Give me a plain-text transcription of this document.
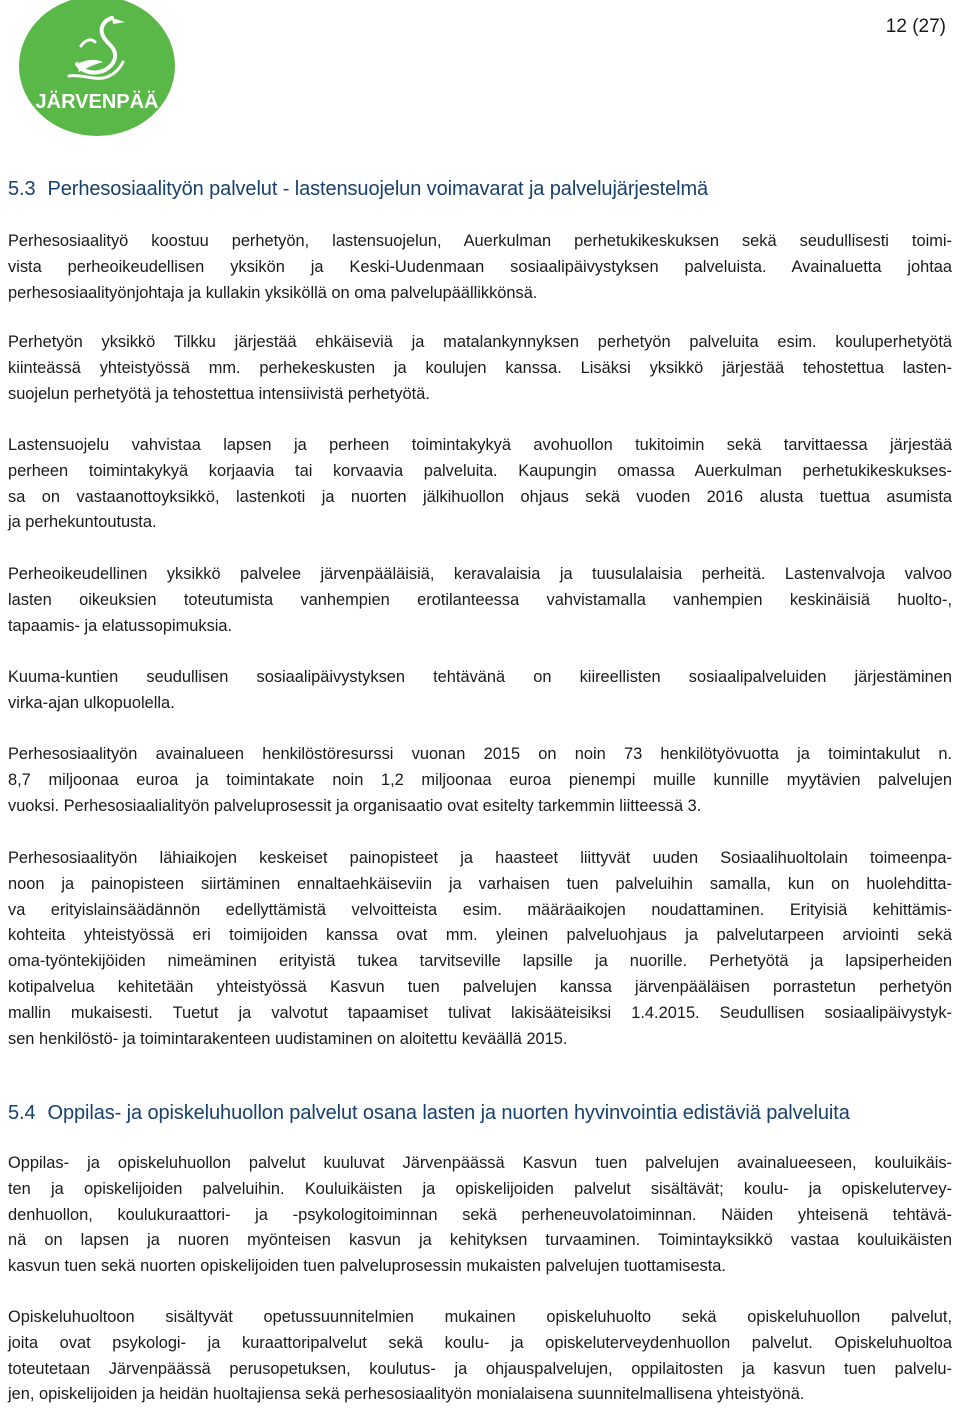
JÄRVENPÄÄ
12 (27)
5.3 Perhesosiaalityön palvelut - lastensuojelun voimavarat ja palvelujärjestelmä
Perhesosiaalityö koostuu perhetyön, lastensuojelun, Auerkulman perhetukikeskuksen sekä seudullisesti toimi-
vista perheoikeudellisen yksikön ja Keski-Uudenmaan sosiaalipäivystyksen palveluista. Avainaluetta johtaa
perhesosiaalityönjohtaja ja kullakin yksiköllä on oma palvelupäällikkönsä.
Perhetyön yksikkö Tilkku järjestää ehkäiseviä ja matalankynnyksen perhetyön palveluita esim. kouluperhetyötä
kiinteässä yhteistyössä mm. perhekeskusten ja koulujen kanssa. Lisäksi yksikkö järjestää tehostettua lasten-
suojelun perhetyötä ja tehostettua intensiivistä perhetyötä.
Lastensuojelu vahvistaa lapsen ja perheen toimintakykyä avohuollon tukitoimin sekä tarvittaessa järjestää
perheen toimintakykyä korjaavia tai korvaavia palveluita. Kaupungin omassa Auerkulman perhetukikeskukses-
sa on vastaanottoyksikkö, lastenkoti ja nuorten jälkihuollon ohjaus sekä vuoden 2016 alusta tuettua asumista
ja perhekuntoutusta.
Perheoikeudellinen yksikkö palvelee järvenpääläisiä, keravalaisia ja tuusulalaisia perheitä. Lastenvalvoja valvoo
lasten oikeuksien toteutumista vanhempien erotilanteessa vahvistamalla vanhempien keskinäisiä huolto-,
tapaamis- ja elatussopimuksia.
Kuuma-kuntien seudullisen sosiaalipäivystyksen tehtävänä on kiireellisten sosiaalipalveluiden järjestäminen
virka-ajan ulkopuolella.
Perhesosiaalityön avainalueen henkilöstöresurssi vuonan 2015 on noin 73 henkilötyövuotta ja toimintakulut n.
8,7 miljoonaa euroa ja toimintakate noin 1,2 miljoonaa euroa pienempi muille kunnille myytävien palvelujen
vuoksi. Perhesosiaalialityön palveluprosessit ja organisaatio ovat esitelty tarkemmin liitteessä 3.
Perhesosiaalityön lähiaikojen keskeiset painopisteet ja haasteet liittyvät uuden Sosiaalihuoltolain toimeenpa-
noon ja painopisteen siirtäminen ennaltaehkäiseviin ja varhaisen tuen palveluihin samalla, kun on huolehditta-
va erityislainsäädännön edellyttämistä velvoitteista esim. määräaikojen noudattaminen. Erityisiä kehittämis-
kohteita yhteistyössä eri toimijoiden kanssa ovat mm. yleinen palveluohjaus ja palvelutarpeen arviointi sekä
oma-työntekijöiden nimeäminen erityistä tukea tarvitseville lapsille ja nuorille. Perhetyötä ja lapsiperheiden
kotipalvelua kehitetään yhteistyössä Kasvun tuen palvelujen kanssa järvenpääläisen porrastetun perhetyön
mallin mukaisesti. Tuetut ja valvotut tapaamiset tulivat lakisääteisiksi 1.4.2015. Seudullisen sosiaalipäivystyk-
sen henkilöstö- ja toimintarakenteen uudistaminen on aloitettu keväällä 2015.
5.4 Oppilas- ja opiskeluhuollon palvelut osana lasten ja nuorten hyvinvointia edistäviä palveluita
Oppilas- ja opiskeluhuollon palvelut kuuluvat Järvenpäässä Kasvun tuen palvelujen avainalueeseen, kouluikäis-
ten ja opiskelijoiden palveluihin. Kouluikäisten ja opiskelijoiden palvelut sisältävät; koulu- ja opiskelutervey-
denhuollon, koulukuraattori- ja -psykologitoiminnan sekä perheneuvolatoiminnan. Näiden yhteisenä tehtävä-
nä on lapsen ja nuoren myönteisen kasvun ja kehityksen turvaaminen. Toimintayksikkö vastaa kouluikäisten
kasvun tuen sekä nuorten opiskelijoiden tuen palveluprosessin mukaisten palvelujen tuottamisesta.
Opiskeluhuoltoon sisältyvät opetussuunnitelmien mukainen opiskeluhuolto sekä opiskeluhuollon palvelut,
joita ovat psykologi- ja kuraattoripalvelut sekä koulu- ja opiskeluterveydenhuollon palvelut. Opiskeluhuoltoa
toteutetaan Järvenpäässä perusopetuksen, koulutus- ja ohjauspalvelujen, oppilaitosten ja kasvun tuen palvelu-
jen, opiskelijoiden ja heidän huoltajiensa sekä perhesosiaalityön monialaisena suunnitelmallisena yhteistyönä.
